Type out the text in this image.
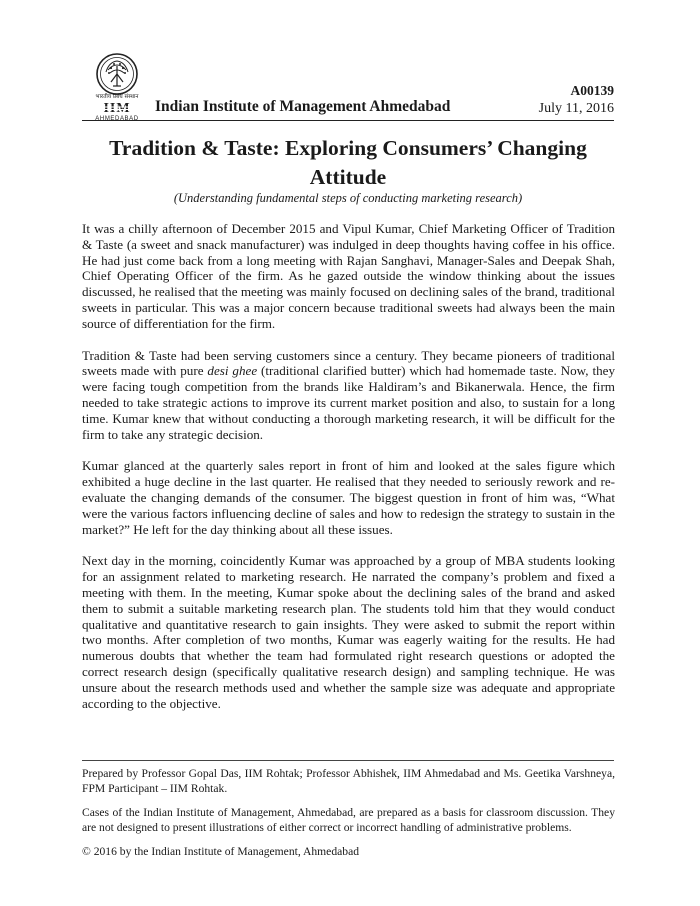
भारतीय प्रबंध संस्थान
IIM
AHMEDABAD
Indian Institute of Management Ahmedabad
A00139
July 11, 2016
Tradition & Taste: Exploring Consumers’ Changing Attitude
(Understanding fundamental steps of conducting marketing research)

It was a chilly afternoon of December 2015 and Vipul Kumar, Chief Marketing Officer of Tradition & Taste (a sweet and snack manufacturer) was indulged in deep thoughts having coffee in his office. He had just come back from a long meeting with Rajan Sanghavi, Manager-Sales and Deepak Shah, Chief Operating Officer of the firm. As he gazed outside the window thinking about the issues discussed, he realised that the meeting was mainly focused on declining sales of the brand, traditional sweets in particular. This was a major concern because traditional sweets had always been the main source of differentiation for the firm.

Tradition & Taste had been serving customers since a century. They became pioneers of traditional sweets made with pure desi ghee (traditional clarified butter) which had homemade taste. Now, they were facing tough competition from the brands like Haldiram’s and Bikanerwala. Hence, the firm needed to take strategic actions to improve its current market position and also, to sustain for a long time. Kumar knew that without conducting a thorough marketing research, it will be difficult for the firm to take any strategic decision.

Kumar glanced at the quarterly sales report in front of him and looked at the sales figure which exhibited a huge decline in the last quarter. He realised that they needed to seriously rework and re-evaluate the changing demands of the consumer. The biggest question in front of him was, “What were the various factors influencing decline of sales and how to redesign the strategy to sustain in the market?” He left for the day thinking about all these issues.

Next day in the morning, coincidently Kumar was approached by a group of MBA students looking for an assignment related to marketing research. He narrated the company’s problem and fixed a meeting with them. In the meeting, Kumar spoke about the declining sales of the brand and asked them to submit a suitable marketing research plan. The students told him that they would conduct qualitative and quantitative research to gain insights. They were asked to submit the report within two months. After completion of two months, Kumar was eagerly waiting for the results. He had numerous doubts that whether the team had formulated right research questions or adopted the correct research design (specifically qualitative research design) and sampling technique. He was unsure about the research methods used and whether the sample size was adequate and appropriate according to the objective.

Prepared by Professor Gopal Das, IIM Rohtak; Professor Abhishek, IIM Ahmedabad and Ms. Geetika Varshneya, FPM Participant – IIM Rohtak.

Cases of the Indian Institute of Management, Ahmedabad, are prepared as a basis for classroom discussion. They are not designed to present illustrations of either correct or incorrect handling of administrative problems.

© 2016 by the Indian Institute of Management, Ahmedabad
